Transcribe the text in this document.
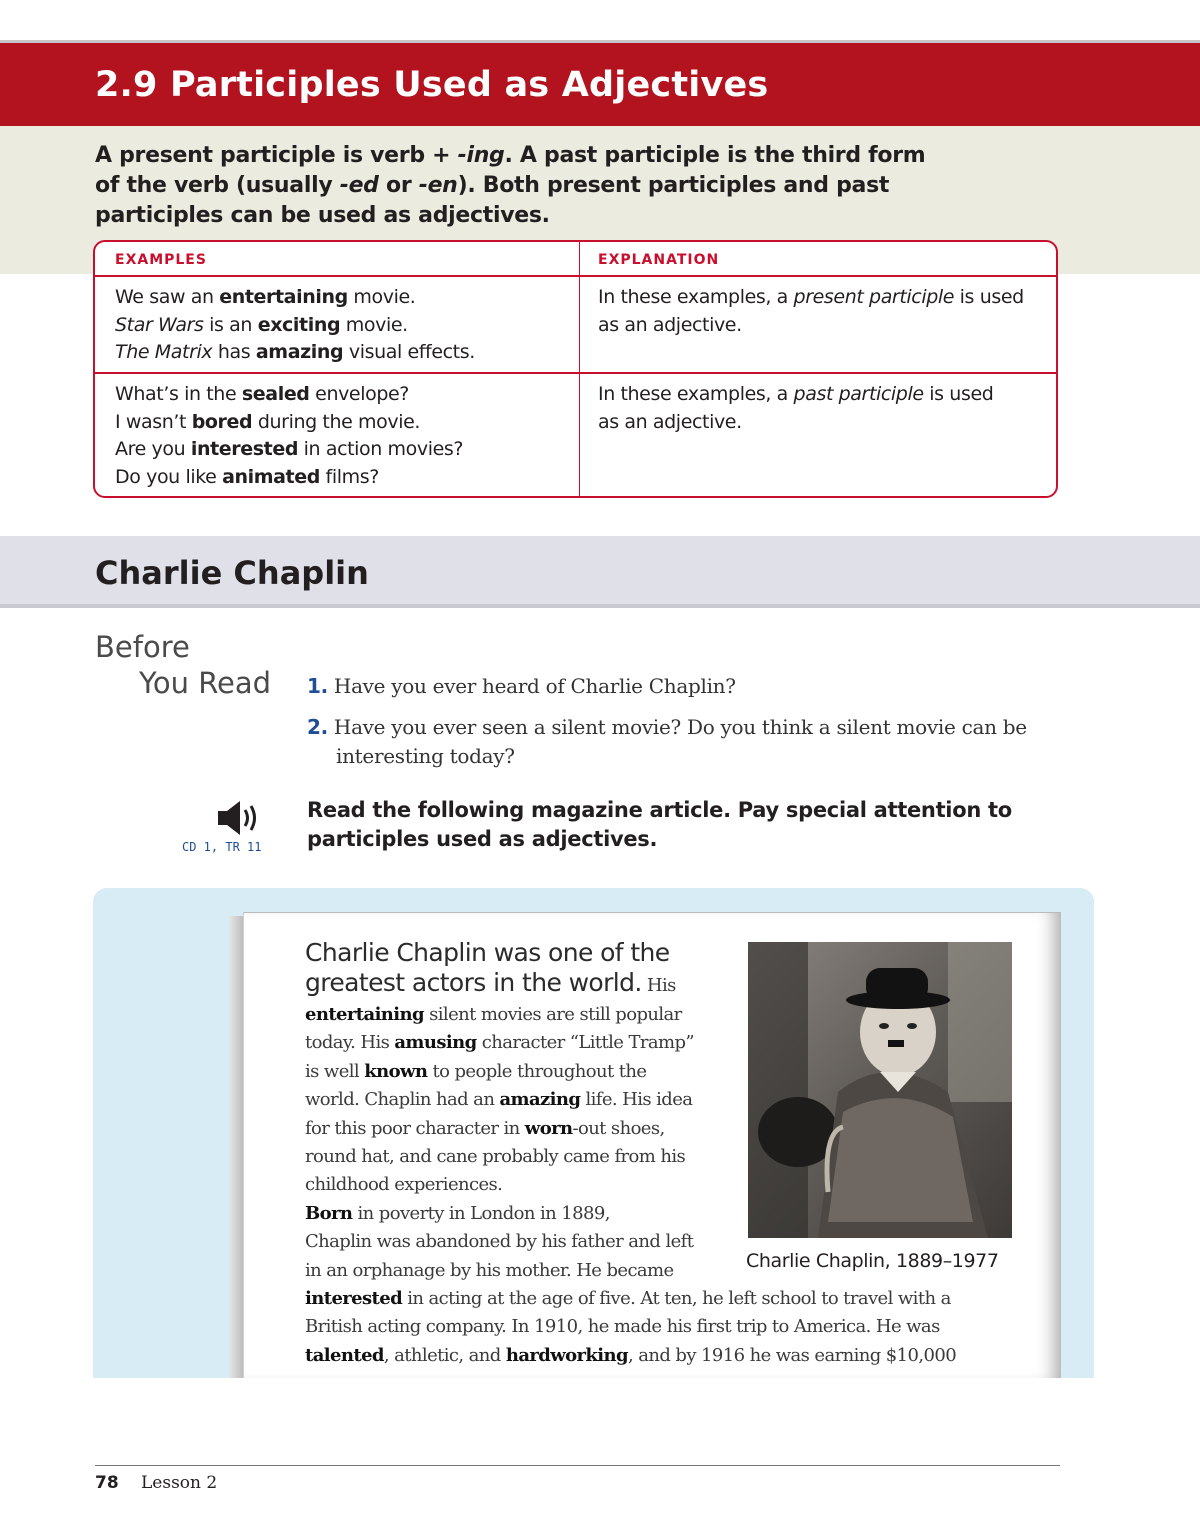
2.9 Participles Used as Adjectives
A present participle is verb + -ing. A past participle is the third form
of the verb (usually -ed or -en). Both present participles and past
participles can be used as adjectives.
EXAMPLES	EXPLANATION
We saw an entertaining movie.
Star Wars is an exciting movie.
The Matrix has amazing visual effects.
In these examples, a present participle is used
as an adjective.
What’s in the sealed envelope?
I wasn’t bored during the movie.
Are you interested in action movies?
Do you like animated films?
In these examples, a past participle is used
as an adjective.
Charlie Chaplin
Before
You Read 1. Have you ever heard of Charlie Chaplin?
2. Have you ever seen a silent movie? Do you think a silent movie can be
interesting today?
CD 1, TR 11
Read the following magazine article. Pay special attention to
participles used as adjectives.
Charlie Chaplin was one of the
greatest actors in the world. His
entertaining silent movies are still popular
today. His amusing character “Little Tramp”
is well known to people throughout the
world. Chaplin had an amazing life. His idea
for this poor character in worn-out shoes,
round hat, and cane probably came from his
childhood experiences.
Born in poverty in London in 1889,
Chaplin was abandoned by his father and left
in an orphanage by his mother. He became
interested in acting at the age of five. At ten, he left school to travel with a
British acting company. In 1910, he made his first trip to America. He was
talented, athletic, and hardworking, and by 1916 he was earning $10,000
Charlie Chaplin, 1889–1977
78 Lesson 2
